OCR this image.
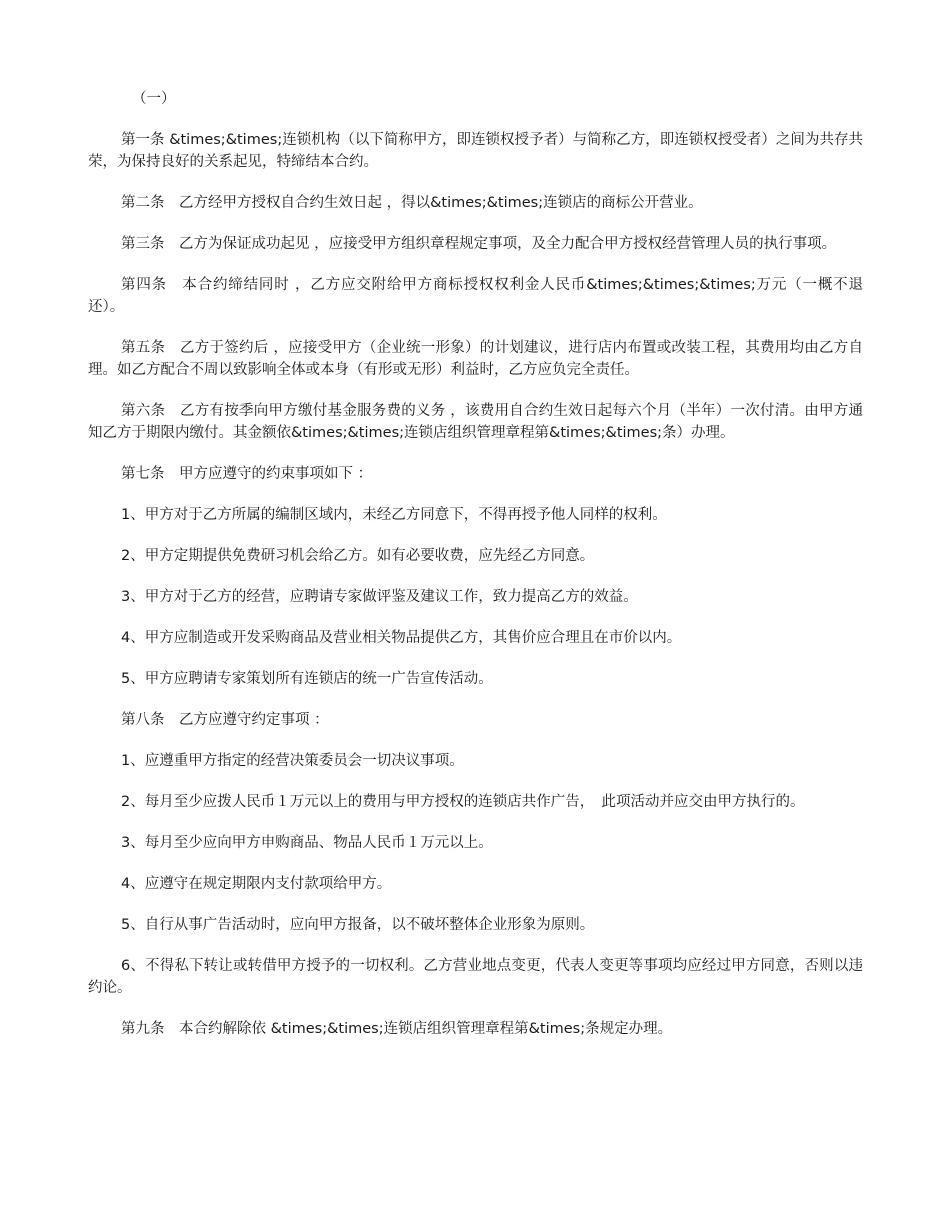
（一）

第一条 &times;&times;连锁机构（以下简称甲方，即连锁权授予者）与简称乙方，即连锁权授受者）之间为共存共荣，为保持良好的关系起见，特缔结本合约。

第二条　乙方经甲方授权自合约生效日起 ，得以&times;&times;连锁店的商标公开营业。

第三条　乙方为保证成功起见 ，应接受甲方组织章程规定事项，及全力配合甲方授权经营管理人员的执行事项。

第四条　本合约缔结同时 ，乙方应交附给甲方商标授权权利金人民币&times;&times;&times;万元（一概不退还）。

第五条　乙方于签约后 ，应接受甲方（企业统一形象）的计划建议，进行店内布置或改装工程，其费用均由乙方自理。如乙方配合不周以致影响全体或本身（有形或无形）利益时，乙方应负完全责任。

第六条　乙方有按季向甲方缴付基金服务费的义务 ，该费用自合约生效日起每六个月（半年）一次付清。由甲方通知乙方于期限内缴付。其金额依&times;&times;连锁店组织管理章程第&times;&times;条）办理。

第七条　甲方应遵守的约束事项如下 ：

1、甲方对于乙方所属的编制区域内，未经乙方同意下，不得再授予他人同样的权利。

2、甲方定期提供免费研习机会给乙方。如有必要收费，应先经乙方同意。

3、甲方对于乙方的经营，应聘请专家做评鉴及建议工作，致力提高乙方的效益。

4、甲方应制造或开发采购商品及营业相关物品提供乙方，其售价应合理且在市价以内。

5、甲方应聘请专家策划所有连锁店的统一广告宣传活动。

第八条　乙方应遵守约定事项 ：

1、应遵重甲方指定的经营决策委员会一切决议事项。

2、每月至少应拨人民币１万元以上的费用与甲方授权的连锁店共作广告，　此项活动并应交由甲方执行的。

3、每月至少应向甲方申购商品、物品人民币１万元以上。

4、应遵守在规定期限内支付款项给甲方。

5、自行从事广告活动时，应向甲方报备，以不破坏整体企业形象为原则。

6、不得私下转让或转借甲方授予的一切权利。乙方营业地点变更，代表人变更等事项均应经过甲方同意，否则以违约论。

第九条　本合约解除依 &times;&times;连锁店组织管理章程第&times;条规定办理。
